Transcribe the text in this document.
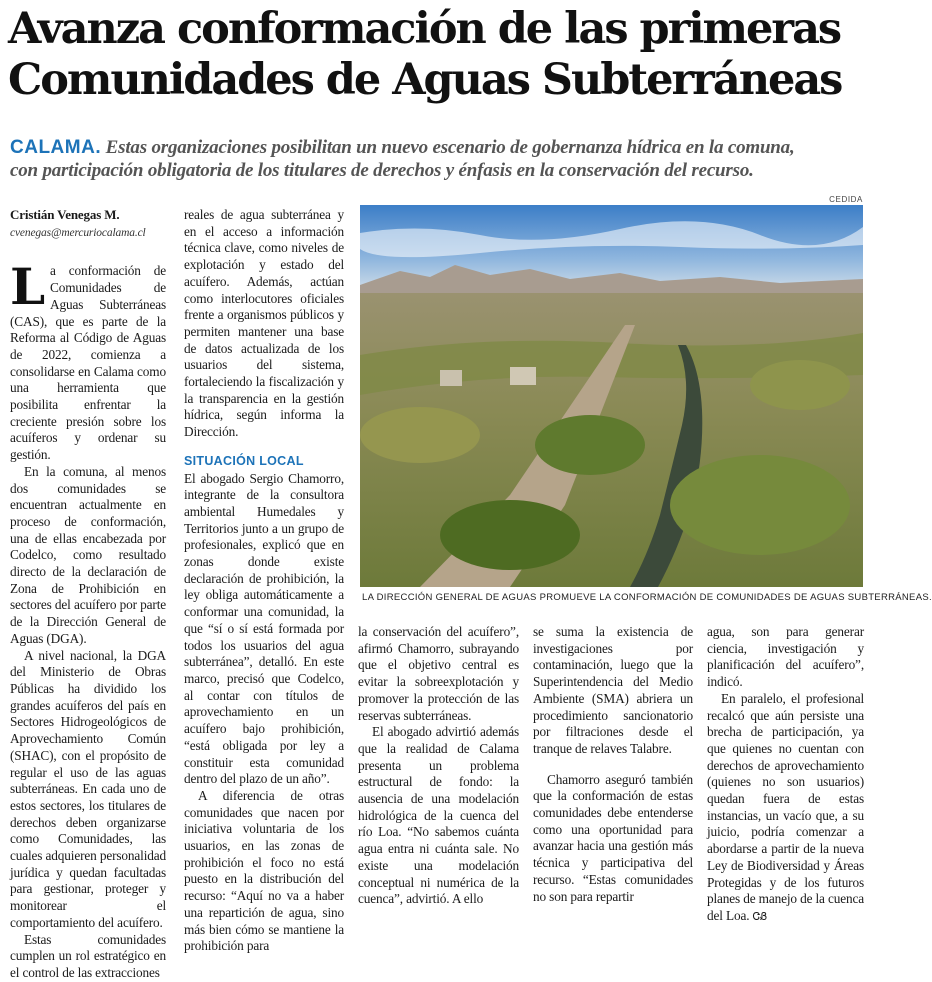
Avanza conformación de las primeras
Comunidades de Aguas Subterráneas
CALAMA. Estas organizaciones posibilitan un nuevo escenario de gobernanza hídrica en la comuna,
con participación obligatoria de los titulares de derechos y énfasis en la conservación del recurso.
Cristián Venegas M.
cvenegas@mercuriocalama.cl

La conformación de Comunidades de Aguas Subterráneas (CAS), que es parte de la Reforma al Código de Aguas de 2022, comienza a consolidarse en Calama como una herramienta que posibilita enfrentar la creciente presión sobre los acuíferos y ordenar su gestión.

En la comuna, al menos dos comunidades se encuentran actualmente en proceso de conformación, una de ellas encabezada por Codelco, como resultado directo de la declaración de Zona de Prohibición en sectores del acuífero por parte de la Dirección General de Aguas (DGA).

A nivel nacional, la DGA del Ministerio de Obras Públicas ha dividido los grandes acuíferos del país en Sectores Hidrogeológicos de Aprovechamiento Común (SHAC), con el propósito de regular el uso de las aguas subterráneas. En cada uno de estos sectores, los titulares de derechos deben organizarse como Comunidades, las cuales adquieren personalidad jurídica y quedan facultadas para gestionar, proteger y monitorear el comportamiento del acuífero.

Estas comunidades cumplen un rol estratégico en el control de las extracciones

reales de agua subterránea y en el acceso a información técnica clave, como niveles de explotación y estado del acuífero. Además, actúan como interlocutores oficiales frente a organismos públicos y permiten mantener una base de datos actualizada de los usuarios del sistema, fortaleciendo la fiscalización y la transparencia en la gestión hídrica, según informa la Dirección.

SITUACIÓN LOCAL

El abogado Sergio Chamorro, integrante de la consultora ambiental Humedales y Territorios junto a un grupo de profesionales, explicó que en zonas donde existe declaración de prohibición, la ley obliga automáticamente a conformar una comunidad, la que “sí o sí está formada por todos los usuarios del agua subterránea”, detalló. En este marco, precisó que Codelco, al contar con títulos de aprovechamiento en un acuífero bajo prohibición, “está obligada por ley a constituir esta comunidad dentro del plazo de un año”.

A diferencia de otras comunidades que nacen por iniciativa voluntaria de los usuarios, en las zonas de prohibición el foco no está puesto en la distribución del recurso: “Aquí no va a haber una repartición de agua, sino más bien cómo se mantiene la prohibición para

CEDIDA
LA DIRECCIÓN GENERAL DE AGUAS PROMUEVE LA CONFORMACIÓN DE COMUNIDADES DE AGUAS SUBTERRÁNEAS.

la conservación del acuífero”, afirmó Chamorro, subrayando que el objetivo central es evitar la sobreexplotación y promover la protección de las reservas subterráneas.

El abogado advirtió además que la realidad de Calama presenta un problema estructural de fondo: la ausencia de una modelación hidrológica de la cuenca del río Loa. “No sabemos cuánta agua entra ni cuánta sale. No existe una modelación conceptual ni numérica de la cuenca”, advirtió. A ello

se suma la existencia de investigaciones por contaminación, luego que la Superintendencia del Medio Ambiente (SMA) abriera un procedimiento sancionatorio por filtraciones desde el tranque de relaves Talabre.

Chamorro aseguró también que la conformación de estas comunidades debe entenderse como una oportunidad para avanzar hacia una gestión más técnica y participativa del recurso. “Estas comunidades no son para repartir

agua, son para generar ciencia, investigación y planificación del acuífero”, indicó.

En paralelo, el profesional recalcó que aún persiste una brecha de participación, ya que quienes no cuentan con derechos de aprovechamiento (quienes no son usuarios) quedan fuera de estas instancias, un vacío que, a su juicio, podría comenzar a abordarse a partir de la nueva Ley de Biodiversidad y Áreas Protegidas y de los futuros planes de manejo de la cuenca del Loa. ᏣᏰ
